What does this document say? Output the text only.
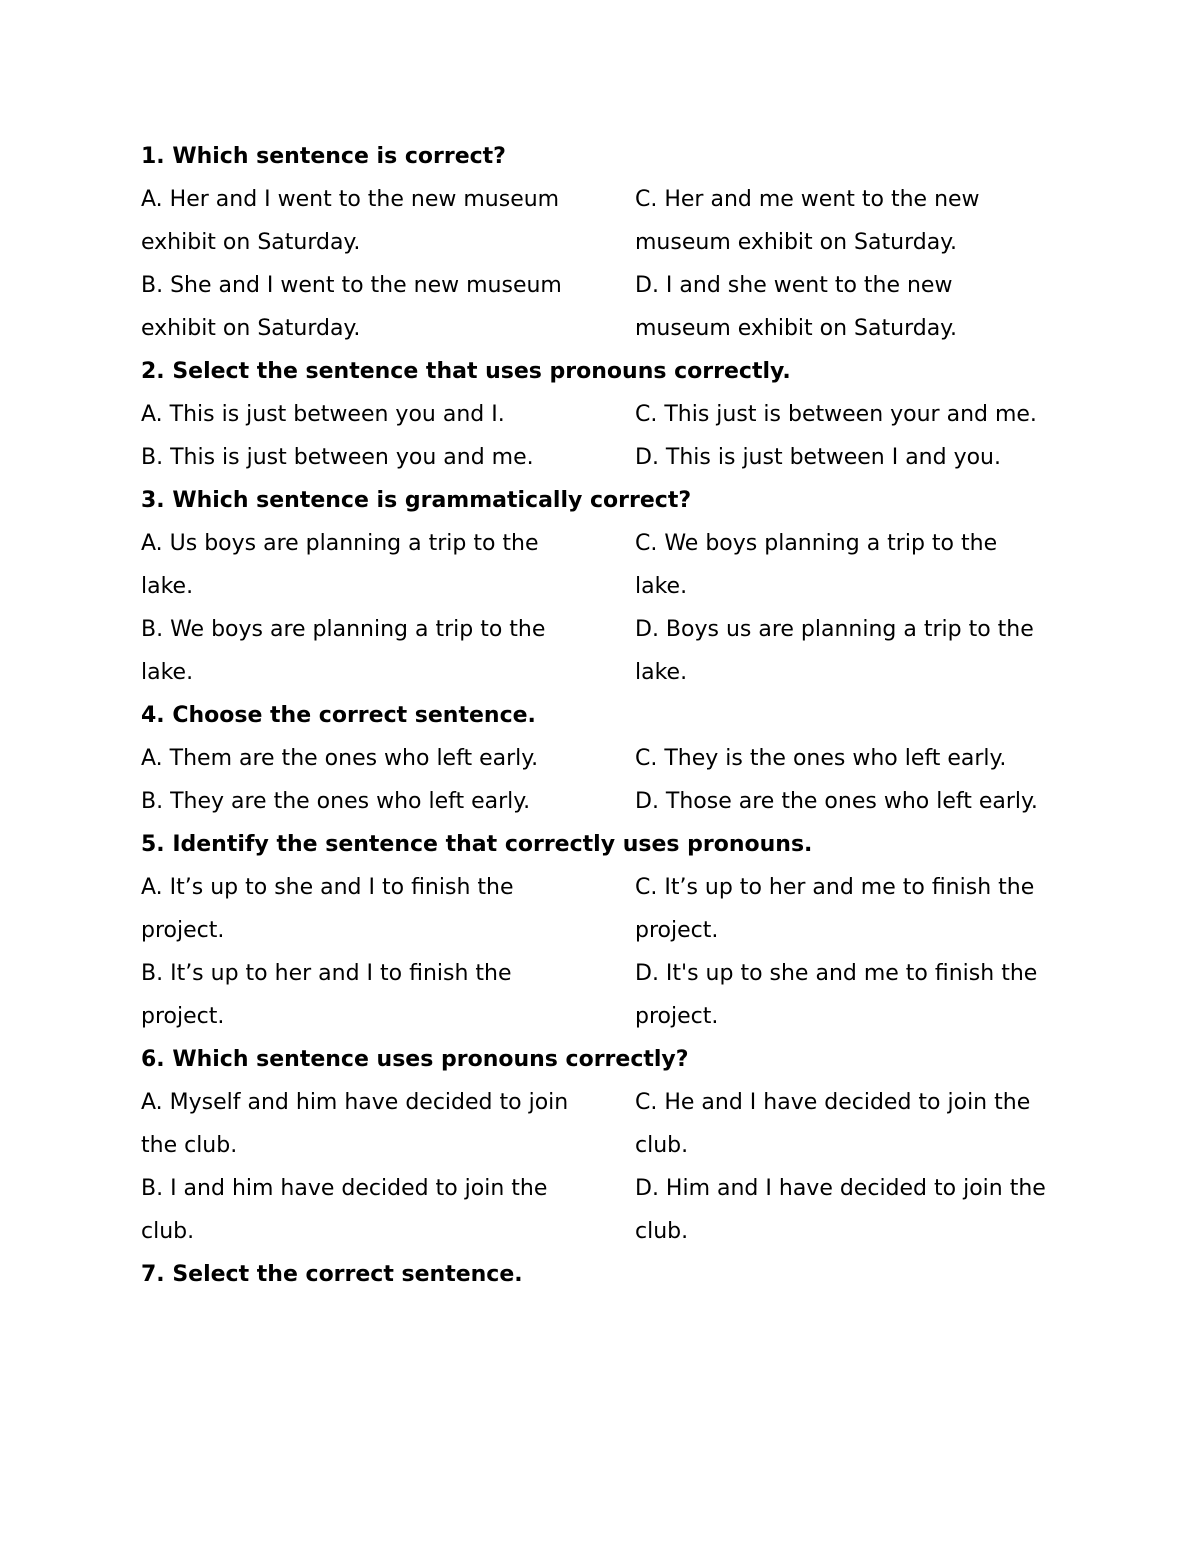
1. Which sentence is correct?
A. Her and I went to the new museum exhibit on Saturday.
B. She and I went to the new museum exhibit on Saturday.
C. Her and me went to the new museum exhibit on Saturday.
D. I and she went to the new museum exhibit on Saturday.
2. Select the sentence that uses pronouns correctly.
A. This is just between you and I.
B. This is just between you and me.
C. This just is between your and me.
D. This is just between I and you.
3. Which sentence is grammatically correct?
A. Us boys are planning a trip to the lake.
B. We boys are planning a trip to the lake.
C. We boys planning a trip to the lake.
D. Boys us are planning a trip to the lake.
4. Choose the correct sentence.
A. Them are the ones who left early.
B. They are the ones who left early.
C. They is the ones who left early.
D. Those are the ones who left early.
5. Identify the sentence that correctly uses pronouns.
A. It’s up to she and I to finish the project.
B. It’s up to her and I to finish the project.
C. It’s up to her and me to finish the project.
D. It's up to she and me to finish the project.
6. Which sentence uses pronouns correctly?
A. Myself and him have decided to join the club.
B. I and him have decided to join the club.
C. He and I have decided to join the club.
D. Him and I have decided to join the club.
7. Select the correct sentence.
